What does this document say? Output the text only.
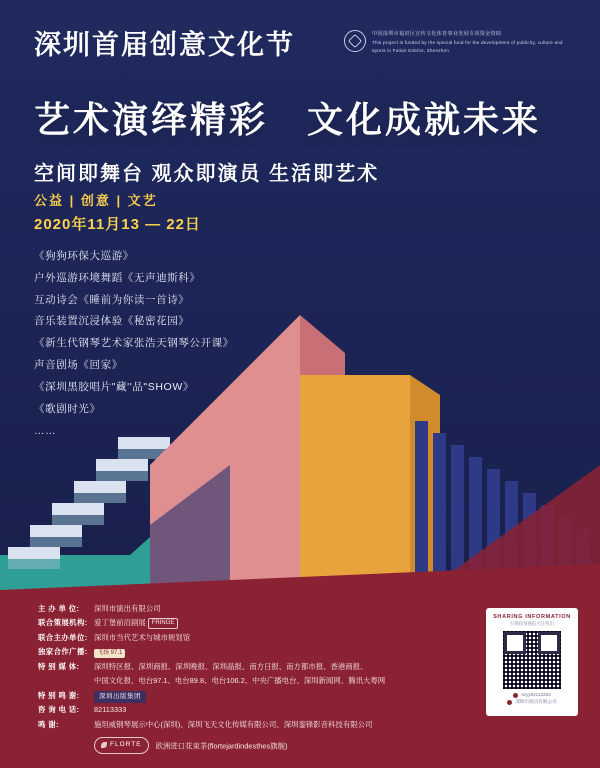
深圳首届创意文化节	中国深圳市福田区宣传文化体育事业发展专项资金资助
This project is funded by the special fund for the development of publicity, culture and sports in Futian District, Shenzhen
艺术演绎精彩   文化成就未来
空间即舞台 观众即演员 生活即艺术
公益 | 创意 | 文艺
2020年11月13 — 22日
《狗狗环保大巡游》
户外巡游环境舞蹈《无声迪斯科》
互动诗会《睡前为你读一首诗》
音乐装置沉浸体验《秘密花园》
《新生代钢琴艺术家张浩天钢琴公开课》
声音剧场《回家》
《深圳黑胶唱片"藏''品"SHOW》
《歌剧时光》
……
主 办 单 位:	深圳市演出有限公司
联合策展机构: 爱丁堡前沿剧展 FRINGE
联合主办单位: 深圳市当代艺术与城市规划馆
独家合作广播:	飞扬 97.1
特 别 媒 体:	深圳特区报、深圳商报、深圳晚报、深圳晶报、南方日报、南方都市报、香港商报、
中国文化报、电台97.1、电台89.8、电台106.2、中央广播电台、深圳新闻网、腾讯大粤网
特 别 鸣 谢:	深圳出版集团
咨 询 电 话:	82113333
鸣 谢:	施坦威钢琴展示中心(深圳)、深圳飞天文化传媒有限公司、深圳銮锋影音科技有限公司
FLORTE 欧洲进口花束茶(flortejardindesthes旗舰)
SHARING INFORMATION
扫描疫情播报关注我们
szyy82113333
深圳市演出有限公司
